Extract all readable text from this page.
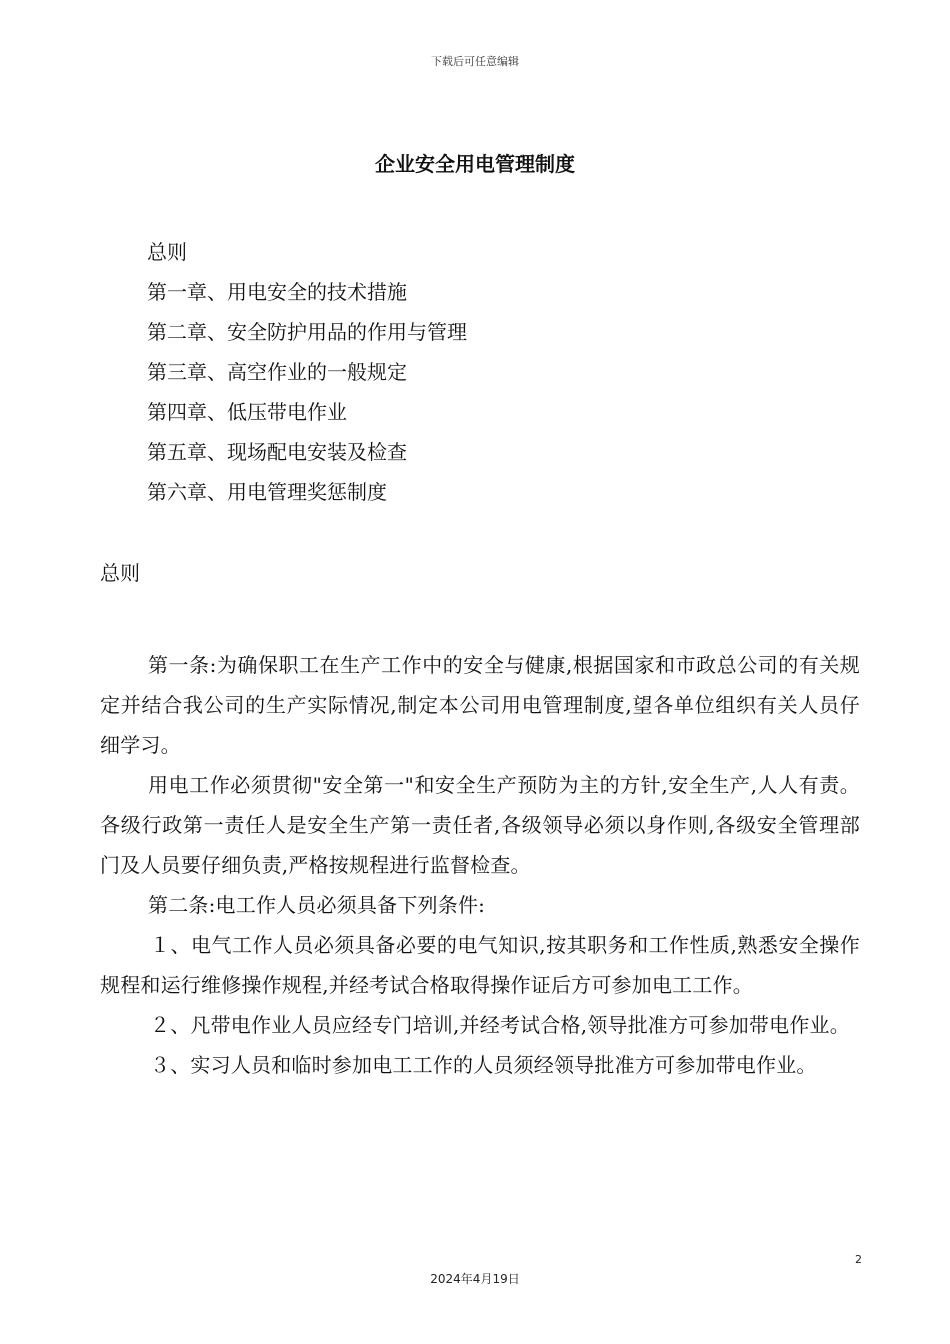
下载后可任意编辑
企业安全用电管理制度
总则
第一章、用电安全的技术措施
第二章、安全防护用品的作用与管理
第三章、高空作业的一般规定
第四章、低压带电作业
第五章、现场配电安装及检查
第六章、用电管理奖惩制度
总则

第一条:为确保职工在生产工作中的安全与健康,根据国家和市政总公司的有关规定并结合我公司的生产实际情况,制定本公司用电管理制度,望各单位组织有关人员仔细学习。

用电工作必须贯彻"安全第一"和安全生产预防为主的方针,安全生产,人人有责。各级行政第一责任人是安全生产第一责任者,各级领导必须以身作则,各级安全管理部门及人员要仔细负责,严格按规程进行监督检查。

第二条:电工作人员必须具备下列条件:

１、电气工作人员必须具备必要的电气知识,按其职务和工作性质,熟悉安全操作规程和运行维修操作规程,并经考试合格取得操作证后方可参加电工工作。

２、凡带电作业人员应经专门培训,并经考试合格,领导批准方可参加带电作业。

３、实习人员和临时参加电工工作的人员须经领导批准方可参加带电作业。

2
2024年4月19日
